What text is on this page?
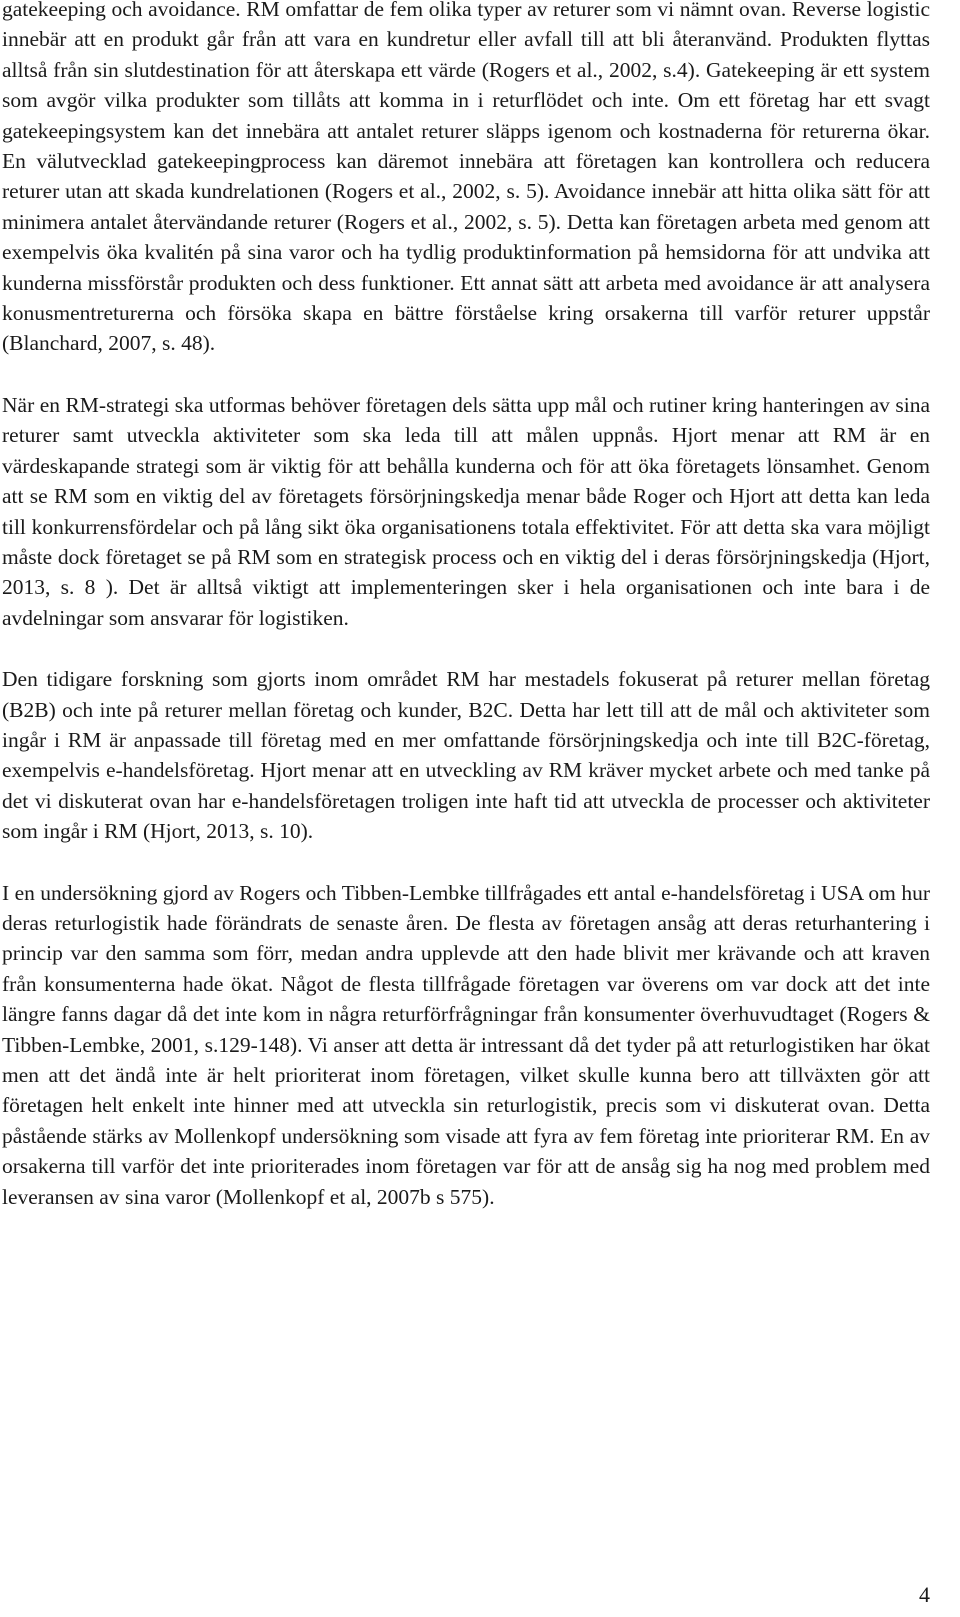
gatekeeping och avoidance. RM omfattar de fem olika typer av returer som vi nämnt ovan. Reverse logistic innebär att en produkt går från att vara en kundretur eller avfall till att bli återanvänd. Produkten flyttas alltså från sin slutdestination för att återskapa ett värde (Rogers et al., 2002, s.4). Gatekeeping är ett system som avgör vilka produkter som tillåts att komma in i returflödet och inte. Om ett företag har ett svagt gatekeepingsystem kan det innebära att antalet returer släpps igenom och kostnaderna för returerna ökar. En välutvecklad gatekeepingprocess kan däremot innebära att företagen kan kontrollera och reducera returer utan att skada kundrelationen (Rogers et al., 2002, s. 5). Avoidance innebär att hitta olika sätt för att minimera antalet återvändande returer (Rogers et al., 2002, s. 5). Detta kan företagen arbeta med genom att exempelvis öka kvalitén på sina varor och ha tydlig produktinformation på hemsidorna för att undvika att kunderna missförstår produkten och dess funktioner. Ett annat sätt att arbeta med avoidance är att analysera konusmentreturerna och försöka skapa en bättre förståelse kring orsakerna till varför returer uppstår (Blanchard, 2007, s. 48).

När en RM-strategi ska utformas behöver företagen dels sätta upp mål och rutiner kring hanteringen av sina returer samt utveckla aktiviteter som ska leda till att målen uppnås. Hjort menar att RM är en värdeskapande strategi som är viktig för att behålla kunderna och för att öka företagets lönsamhet. Genom att se RM som en viktig del av företagets försörjningskedja menar både Roger och Hjort att detta kan leda till konkurrensfördelar och på lång sikt öka organisationens totala effektivitet. För att detta ska vara möjligt måste dock företaget se på RM som en strategisk process och en viktig del i deras försörjningskedja (Hjort, 2013, s. 8 ). Det är alltså viktigt att implementeringen sker i hela organisationen och inte bara i de avdelningar som ansvarar för logistiken.

Den tidigare forskning som gjorts inom området RM har mestadels fokuserat på returer mellan företag (B2B) och inte på returer mellan företag och kunder, B2C. Detta har lett till att de mål och aktiviteter som ingår i RM är anpassade till företag med en mer omfattande försörjningskedja och inte till B2C-företag, exempelvis e-handelsföretag. Hjort menar att en utveckling av RM kräver mycket arbete och med tanke på det vi diskuterat ovan har e-handelsföretagen troligen inte haft tid att utveckla de processer och aktiviteter som ingår i RM (Hjort, 2013, s. 10).

I en undersökning gjord av Rogers och Tibben-Lembke tillfrågades ett antal e-handelsföretag i USA om hur deras returlogistik hade förändrats de senaste åren. De flesta av företagen ansåg att deras returhantering i princip var den samma som förr, medan andra upplevde att den hade blivit mer krävande och att kraven från konsumenterna hade ökat. Något de flesta tillfrågade företagen var överens om var dock att det inte längre fanns dagar då det inte kom in några returförfrågningar från konsumenter överhuvudtaget (Rogers & Tibben-Lembke, 2001, s.129-148). Vi anser att detta är intressant då det tyder på att returlogistiken har ökat men att det ändå inte är helt prioriterat inom företagen, vilket skulle kunna bero att tillväxten gör att företagen helt enkelt inte hinner med att utveckla sin returlogistik, precis som vi diskuterat ovan. Detta påstående stärks av Mollenkopf undersökning som visade att fyra av fem företag inte prioriterar RM. En av orsakerna till varför det inte prioriterades inom företagen var för att de ansåg sig ha nog med problem med leveransen av sina varor (Mollenkopf et al, 2007b s 575).

4
